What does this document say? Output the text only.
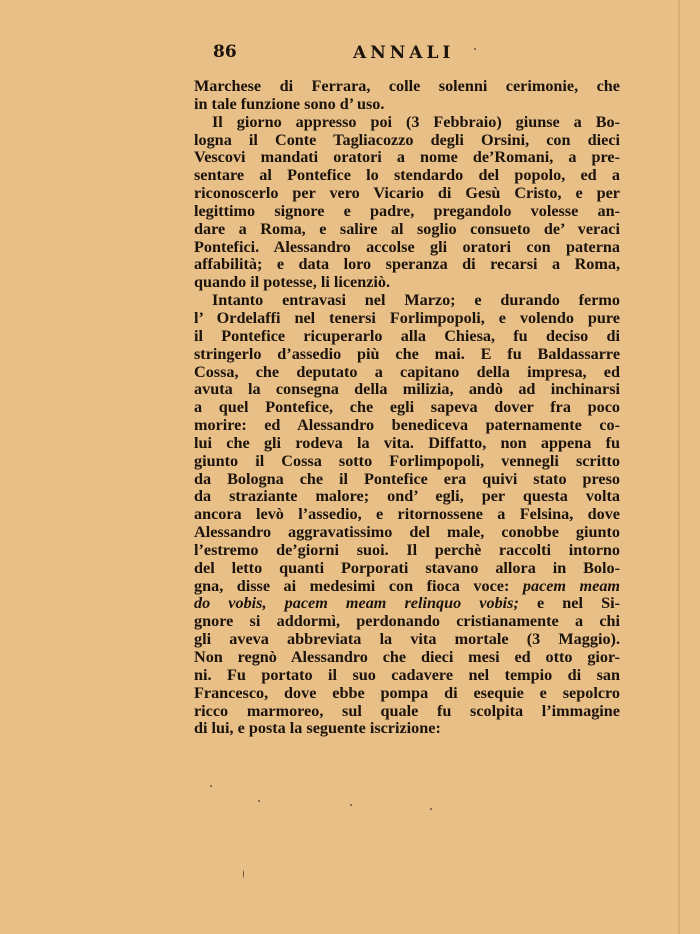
86	ANNALI
Marchese di Ferrara, colle solenni cerimonie, che
in tale funzione sono d’ uso.
Il giorno appresso poi (3 Febbraio) giunse a Bo-
logna il Conte Tagliacozzo degli Orsini, con dieci
Vescovi mandati oratori a nome de’Romani, a pre-
sentare al Pontefice lo stendardo del popolo, ed a
riconoscerlo per vero Vicario di Gesù Cristo, e per
legittimo signore e padre, pregandolo volesse an-
dare a Roma, e salire al soglio consueto de’ veraci
Pontefici. Alessandro accolse gli oratori con paterna
affabilità; e data loro speranza di recarsi a Roma,
quando il potesse, li licenziò.
Intanto entravasi nel Marzo; e durando fermo
l’ Ordelaffi nel tenersi Forlimpopoli, e volendo pure
il Pontefice ricuperarlo alla Chiesa, fu deciso di
stringerlo d’assedio più che mai. E fu Baldassarre
Cossa, che deputato a capitano della impresa, ed
avuta la consegna della milizia, andò ad inchinarsi
a quel Pontefice, che egli sapeva dover fra poco
morire: ed Alessandro benediceva paternamente co-
lui che gli rodeva la vita. Diffatto, non appena fu
giunto il Cossa sotto Forlimpopoli, vennegli scritto
da Bologna che il Pontefice era quivi stato preso
da straziante malore; ond’ egli, per questa volta
ancora levò l’assedio, e ritornossene a Felsina, dove
Alessandro aggravatissimo del male, conobbe giunto
l’estremo de’giorni suoi. Il perchè raccolti intorno
del letto quanti Porporati stavano allora in Bolo-
gna, disse ai medesimi con fioca voce: pacem meam
do vobis, pacem meam relinquo vobis; e nel Si-
gnore si addormì, perdonando cristianamente a chi
gli aveva abbreviata la vita mortale (3 Maggio).
Non regnò Alessandro che dieci mesi ed otto gior-
ni. Fu portato il suo cadavere nel tempio di san
Francesco, dove ebbe pompa di esequie e sepolcro
ricco marmoreo, sul quale fu scolpita l’immagine
di lui, e posta la seguente iscrizione:
